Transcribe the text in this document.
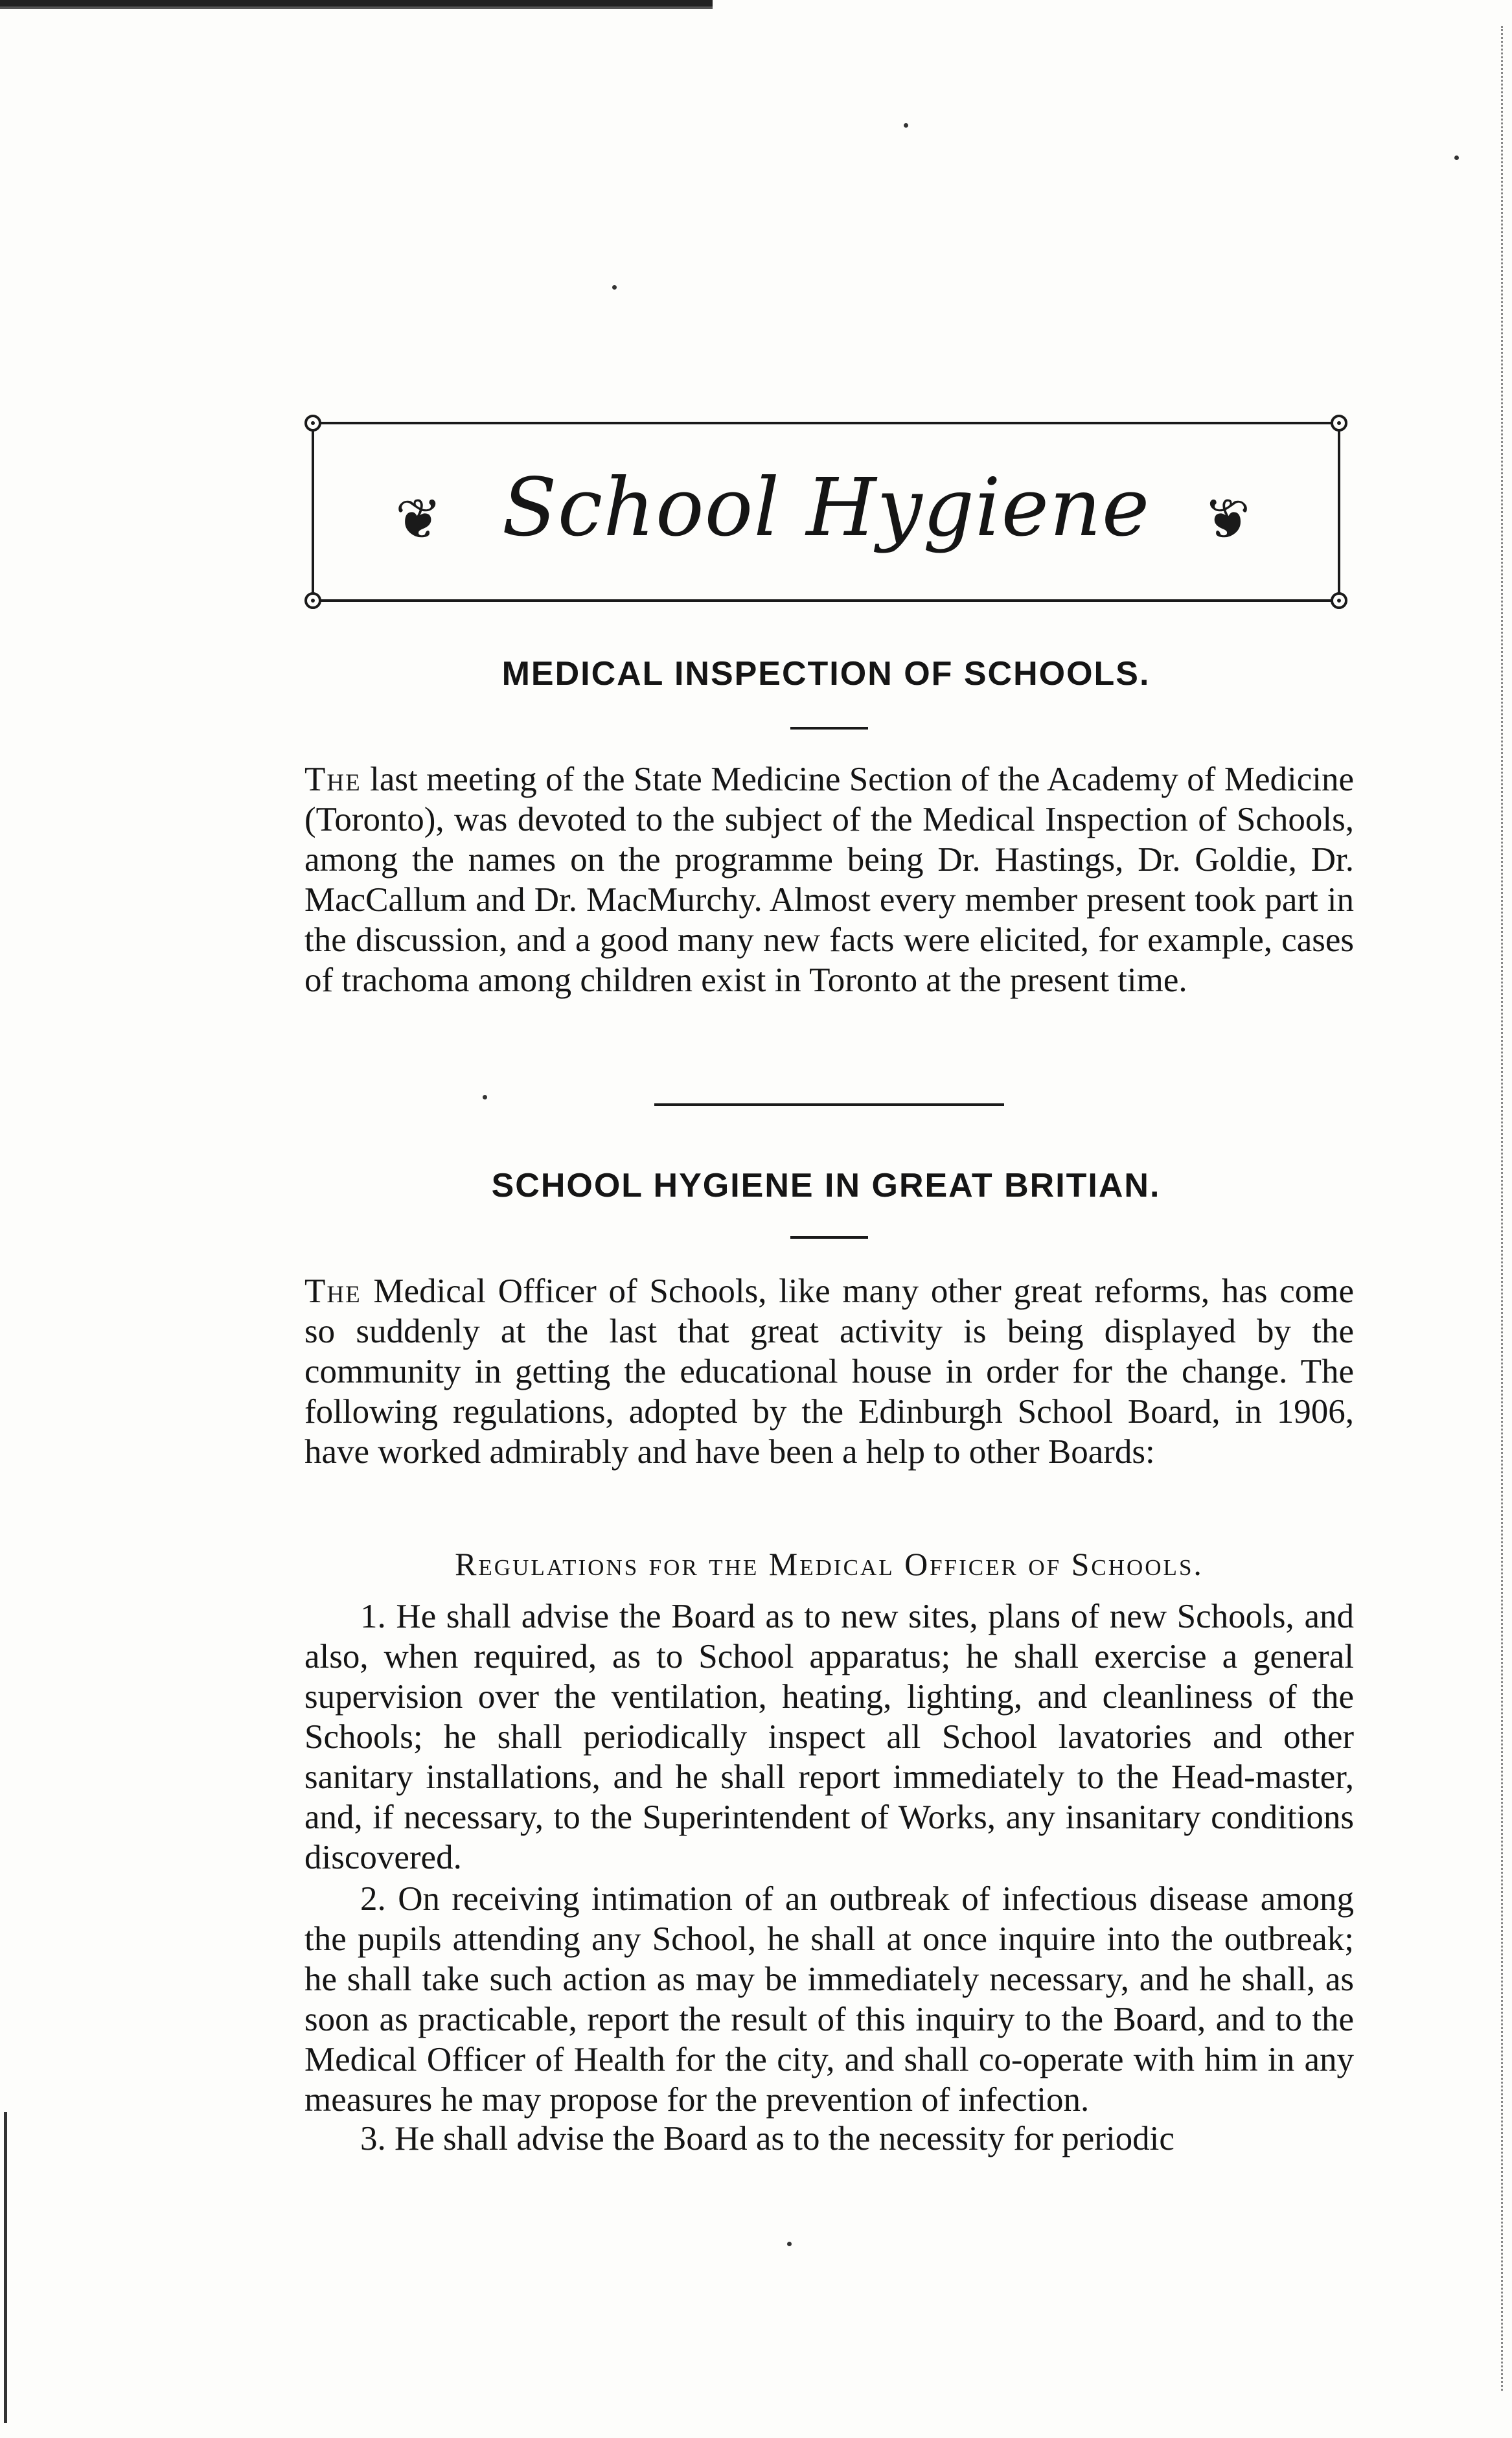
❦ School Hygiene ❦
MEDICAL INSPECTION OF SCHOOLS.

The last meeting of the State Medicine Section of the Academy of Medicine (Toronto), was devoted to the subject of the Medical Inspection of Schools, among the names on the programme being Dr. Hastings, Dr. Goldie, Dr. MacCallum and Dr. MacMurchy. Almost every member present took part in the discussion, and a good many new facts were elicited, for example, cases of trachoma among children exist in Toronto at the present time.

SCHOOL HYGIENE IN GREAT BRITIAN.

The Medical Officer of Schools, like many other great reforms, has come so suddenly at the last that great activity is being displayed by the community in getting the educational house in order for the change. The following regulations, adopted by the Edinburgh School Board, in 1906, have worked admirably and have been a help to other Boards:

Regulations for the Medical Officer of Schools.

1. He shall advise the Board as to new sites, plans of new Schools, and also, when required, as to School apparatus; he shall exercise a general supervision over the ventilation, heating, lighting, and cleanliness of the Schools; he shall periodically inspect all School lavatories and other sanitary installations, and he shall report immediately to the Head-master, and, if necessary, to the Superintendent of Works, any insanitary conditions discovered.

2. On receiving intimation of an outbreak of infectious disease among the pupils attending any School, he shall at once inquire into the outbreak; he shall take such action as may be immediately necessary, and he shall, as soon as practicable, report the result of this inquiry to the Board, and to the Medical Officer of Health for the city, and shall co-operate with him in any measures he may propose for the prevention of infection.

3. He shall advise the Board as to the necessity for periodic
